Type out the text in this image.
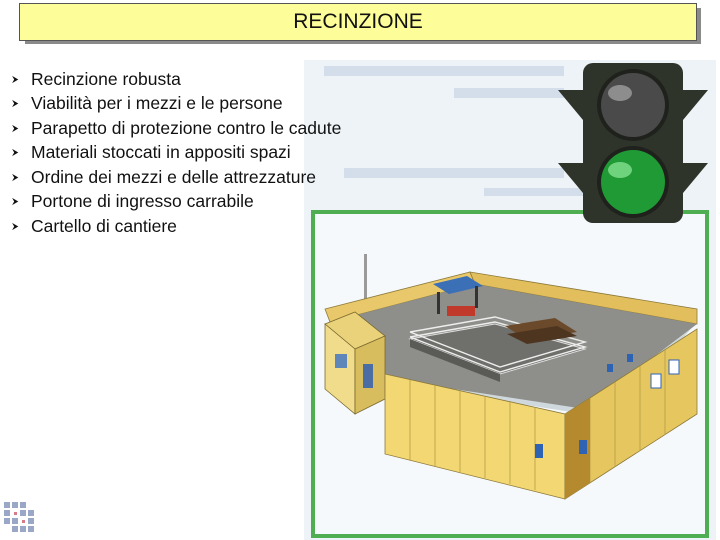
RECINZIONE
⮞ Recinzione robusta
⮞ Viabilità per i mezzi e le persone
⮞ Parapetto di protezione contro le cadute
⮞ Materiali stoccati in appositi spazi
⮞ Ordine dei mezzi e delle attrezzature
⮞ Portone di ingresso carrabile
⮞ Cartello di cantiere
